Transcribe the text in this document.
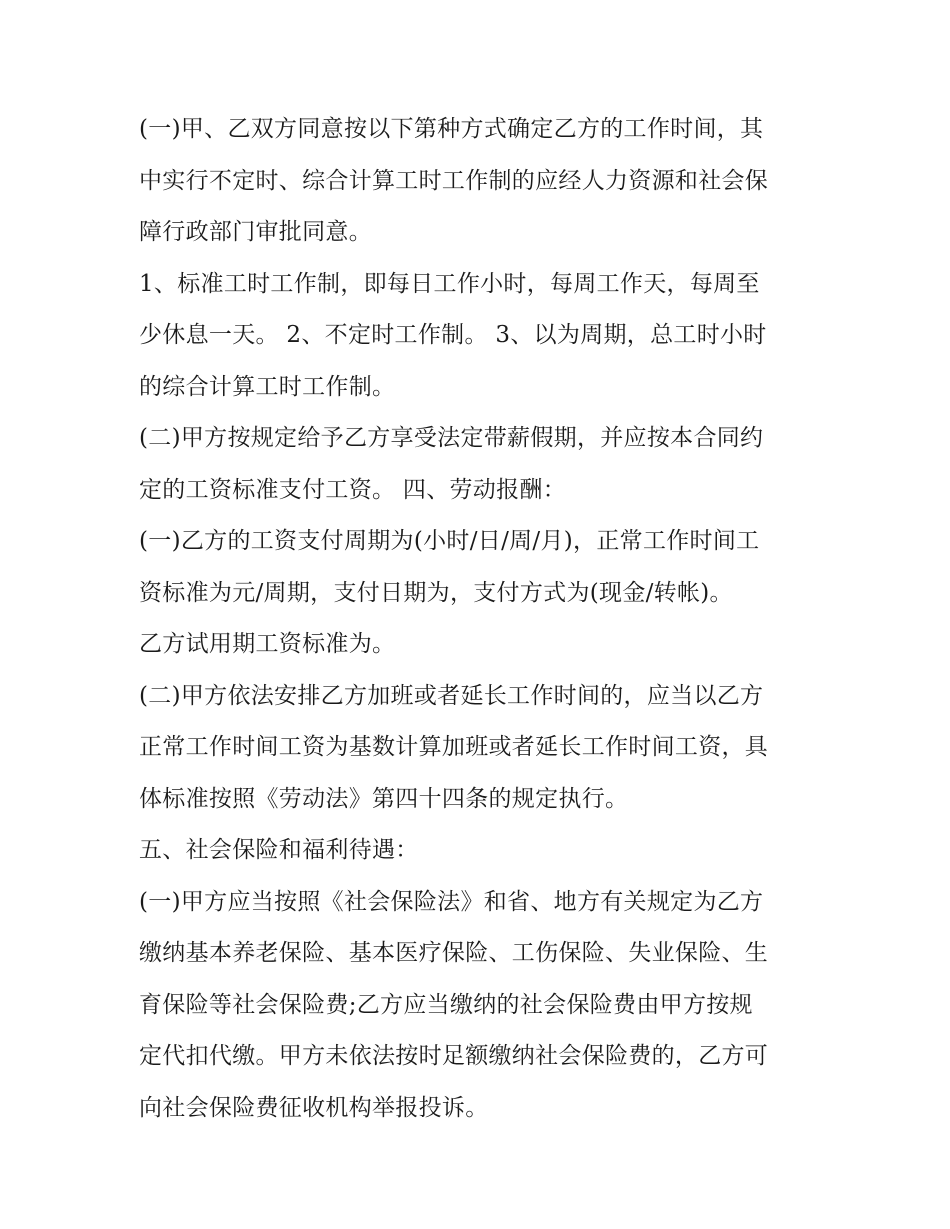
(一)甲、乙双方同意按以下第种方式确定乙方的工作时间，其
中实行不定时、综合计算工时工作制的应经人力资源和社会保
障行政部门审批同意。
1、标准工时工作制，即每日工作小时，每周工作天，每周至
少休息一天。 2、不定时工作制。 3、以为周期，总工时小时
的综合计算工时工作制。
(二)甲方按规定给予乙方享受法定带薪假期，并应按本合同约
定的工资标准支付工资。 四、劳动报酬：
(一)乙方的工资支付周期为(小时/日/周/月)，正常工作时间工
资标准为元/周期，支付日期为，支付方式为(现金/转帐)。
乙方试用期工资标准为。
(二)甲方依法安排乙方加班或者延长工作时间的，应当以乙方
正常工作时间工资为基数计算加班或者延长工作时间工资，具
体标准按照《劳动法》第四十四条的规定执行。
五、社会保险和福利待遇：
(一)甲方应当按照《社会保险法》和省、地方有关规定为乙方
缴纳基本养老保险、基本医疗保险、工伤保险、失业保险、生
育保险等社会保险费;乙方应当缴纳的社会保险费由甲方按规
定代扣代缴。甲方未依法按时足额缴纳社会保险费的，乙方可
向社会保险费征收机构举报投诉。
